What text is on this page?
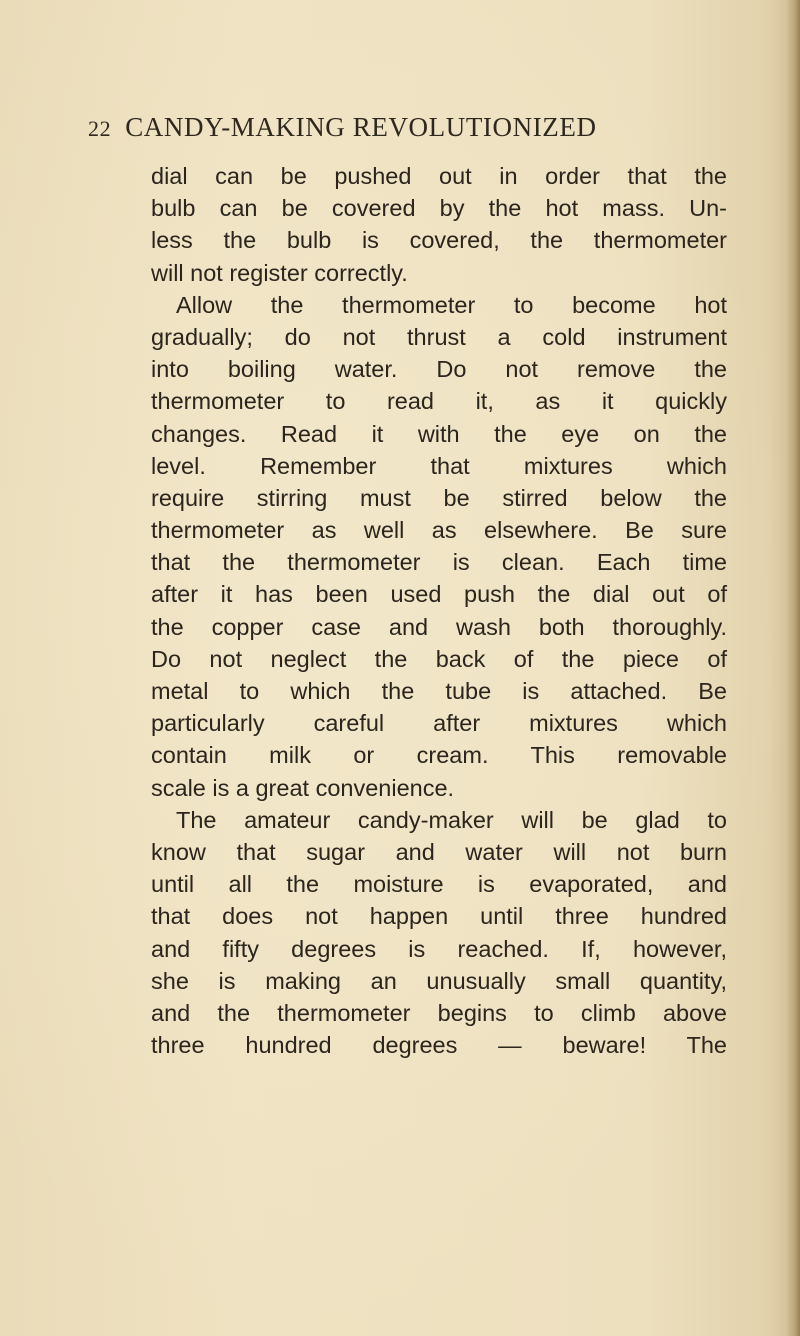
22 CANDY-MAKING REVOLUTIONIZED
dial can be pushed out in order that the
bulb can be covered by the hot mass. Un-
less the bulb is covered, the thermometer
will not register correctly.
Allow the thermometer to become hot
gradually; do not thrust a cold instrument
into boiling water. Do not remove the
thermometer to read it, as it quickly
changes. Read it with the eye on the
level. Remember that mixtures which
require stirring must be stirred below the
thermometer as well as elsewhere. Be sure
that the thermometer is clean. Each time
after it has been used push the dial out of
the copper case and wash both thoroughly.
Do not neglect the back of the piece of
metal to which the tube is attached. Be
particularly careful after mixtures which
contain milk or cream. This removable
scale is a great convenience.
The amateur candy-maker will be glad to
know that sugar and water will not burn
until all the moisture is evaporated, and
that does not happen until three hundred
and fifty degrees is reached. If, however,
she is making an unusually small quantity,
and the thermometer begins to climb above
three hundred degrees — beware! The
